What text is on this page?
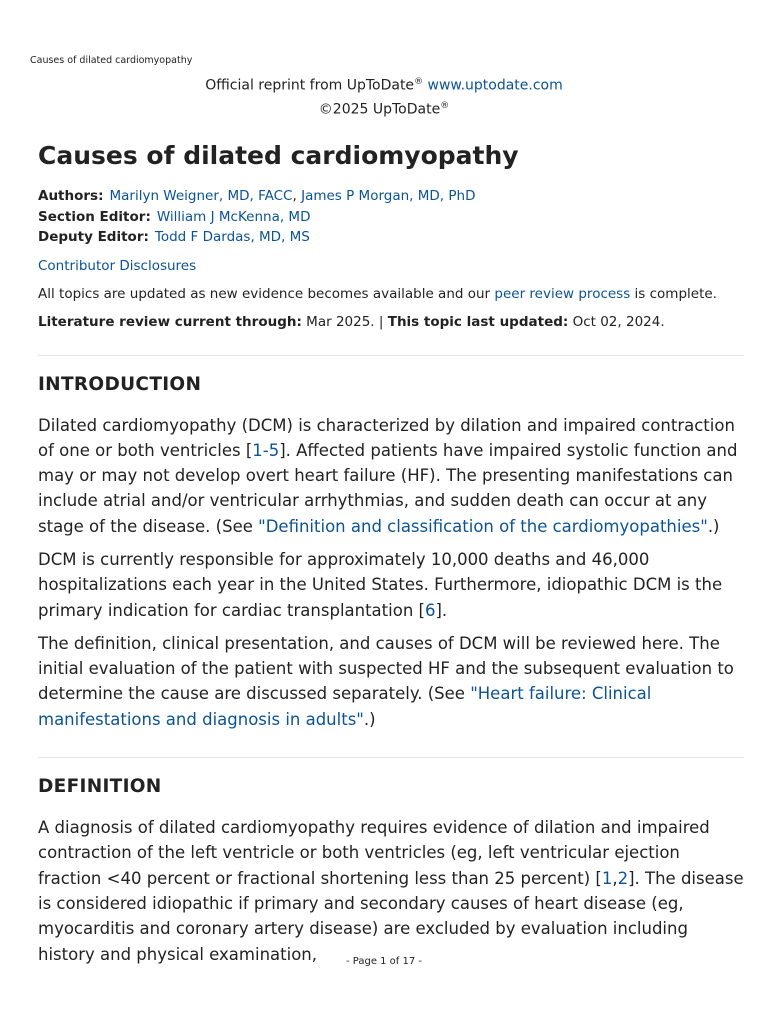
Causes of dilated cardiomyopathy
Official reprint from UpToDate® www.uptodate.com
©2025 UpToDate®
Causes of dilated cardiomyopathy
Authors: Marilyn Weigner, MD, FACC, James P Morgan, MD, PhD
Section Editor: William J McKenna, MD
Deputy Editor: Todd F Dardas, MD, MS
Contributor Disclosures
All topics are updated as new evidence becomes available and our peer review process is complete.
Literature review current through: Mar 2025. | This topic last updated: Oct 02, 2024.
INTRODUCTION

Dilated cardiomyopathy (DCM) is characterized by dilation and impaired contraction of one or both ventricles [1-5]. Affected patients have impaired systolic function and may or may not develop overt heart failure (HF). The presenting manifestations can include atrial and/or ventricular arrhythmias, and sudden death can occur at any stage of the disease. (See "Definition and classification of the cardiomyopathies".)

DCM is currently responsible for approximately 10,000 deaths and 46,000 hospitalizations each year in the United States. Furthermore, idiopathic DCM is the primary indication for cardiac transplantation [6].

The definition, clinical presentation, and causes of DCM will be reviewed here. The initial evaluation of the patient with suspected HF and the subsequent evaluation to determine the cause are discussed separately. (See "Heart failure: Clinical manifestations and diagnosis in adults".)

DEFINITION

A diagnosis of dilated cardiomyopathy requires evidence of dilation and impaired contraction of the left ventricle or both ventricles (eg, left ventricular ejection fraction <40 percent or fractional shortening less than 25 percent) [1,2]. The disease is considered idiopathic if primary and secondary causes of heart disease (eg, myocarditis and coronary artery disease) are excluded by evaluation including history and physical examination,	- Page 1 of 17 -
